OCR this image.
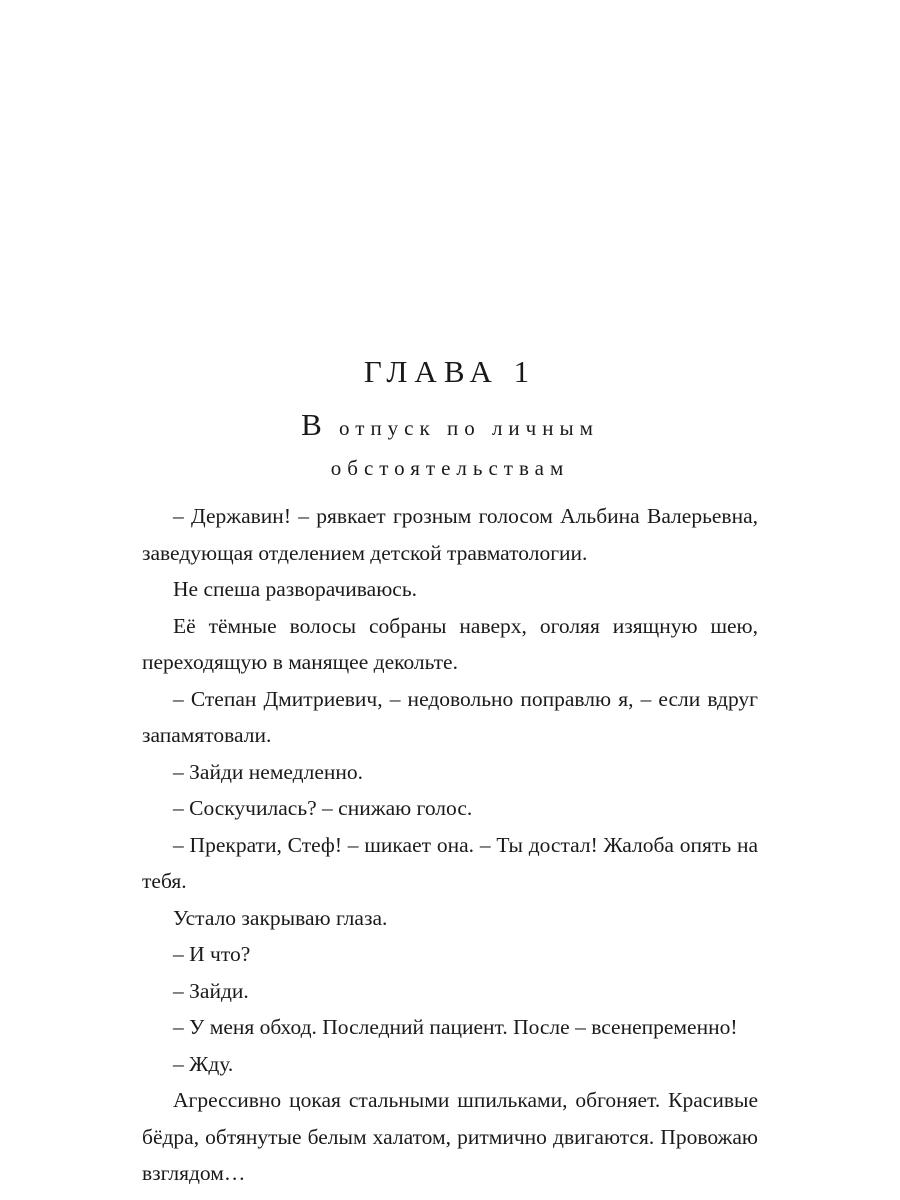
ГЛАВА 1
В отпуск по личным
обстоятельствам

– Державин! – рявкает грозным голосом Альбина Валерьевна, заведующая отделением детской травматологии.

Не спеша разворачиваюсь.

Её тёмные волосы собраны наверх, оголяя изящную шею, переходящую в манящее декольте.

– Степан Дмитриевич, – недовольно поправлю я, – если вдруг запамятовали.

– Зайди немедленно.

– Соскучилась? – снижаю голос.

– Прекрати, Стеф! – шикает она. – Ты достал! Жалоба опять на тебя.

Устало закрываю глаза.

– И что?

– Зайди.

– У меня обход. Последний пациент. После – всенепременно!

– Жду.

Агрессивно цокая стальными шпильками, обгоняет. Красивые бёдра, обтянутые белым халатом, ритмично двигаются. Провожаю взглядом…
